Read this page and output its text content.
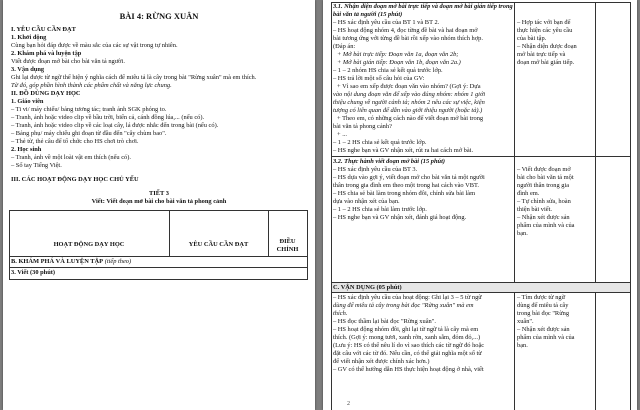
BÀI 4: RỪNG XUÂN
I. YÊU CẦU CẦN ĐẠT
1. Khởi động
Cùng bạn hỏi đáp được về màu sắc của các sự vật trong tự nhiên.
2. Khám phá và luyện tập
Viết được đoạn mở bài cho bài văn tả người.
3. Vận dụng
Ghi lại được từ ngữ thể hiện ý nghĩa cách để miêu tả là cây trong bài "Rừng xuân" mà em thích.
Từ đó, góp phần hình thành các phẩm chất và năng lực chung.
II. ĐỒ DÙNG DẠY HỌC
1. Giáo viên
– Ti vi/ máy chiếu/ bảng tương tác; tranh ảnh SGK phóng to.
– Tranh, ảnh hoặc video clip về bầu trời, biển cả, cánh đồng lúa,... (nếu có).
– Tranh, ảnh hoặc video clip về các loại cây, lá được nhắc đến trong bài (nếu có).
– Bảng phụ/ máy chiếu ghi đoạn từ đầu đến "cây chùm bao".
– Thẻ từ, thẻ câu để tổ chức cho HS chơi trò chơi.
2. Học sinh
– Tranh, ảnh về một loài vật em thích (nếu có).
– Sổ tay Tiếng Việt.
III. CÁC HOẠT ĐỘNG DẠY HỌC CHỦ YẾU
TIẾT 3
Viết: Viết đoạn mở bài cho bài văn tả phong cảnh
HOẠT ĐỘNG DẠY HỌC	YÊU CẦU CẦN ĐẠT	ĐIỀU CHỈNH
B. KHÁM PHÁ VÀ LUYỆN TẬP (tiếp theo)
3. Viết (30 phút)
3.1. Nhận diện đoạn mở bài trực tiếp và đoạn mở bài gián tiếp trong bài văn tả người (15 phút)
– HS xác định yêu cầu của BT 1 và BT 2.
– HS hoạt động nhóm 4, đọc từng đề bài và hai đoạn mở
bài tương ứng với từng đề bài rồi xếp vào nhóm thích hợp.
(Đáp án:
+ Mở bài trực tiếp: Đoạn văn 1a, đoạn văn 2b;
+ Mở bài gián tiếp: Đoạn văn 1b, đoạn văn 2a.)
– 1 – 2 nhóm HS chia sẻ kết quả trước lớp.
– HS trả lời một số câu hỏi của GV:
+ Vì sao em xếp được đoạn văn vào nhóm? (Gợi ý: Dựa
vào nội dung đoạn văn để xếp vào đúng nhóm: nhóm 1 giới
thiệu chung về người cảnh tả; nhóm 2 nêu các sự việc, kiện
tượng có liên quan để dẫn vào giới thiệu người (hoặc tả).)
+ Theo em, có những cách nào để viết đoạn mở bài trong
bài văn tả phong cảnh?
+ ...
– 1 – 2 HS chia sẻ kết quả trước lớp.
– HS nghe bạn và GV nhận xét, rút ra hai cách mở bài.
– Hợp tác với bạn để
thực hiện các yêu cầu
của bài tập.
– Nhận diện được đoạn
mở bài trực tiếp và
đoạn mở bài gián tiếp.
3.2. Thực hành viết đoạn mở bài (15 phút)
– HS xác định yêu cầu của BT 3.
– HS dựa vào gợi ý, viết đoạn mở cho bài văn tả một người
thân trong gia đình em theo một trong hai cách vào VBT.
– HS chia sẻ bài làm trong nhóm đôi, chỉnh sửa bài làm
dựa vào nhận xét của bạn.
– 1 – 2 HS chia sẻ bài làm trước lớp.
– HS nghe bạn và GV nhận xét, đánh giá hoạt động.
– Viết được đoạn mở
bài cho bài văn tả một
người thân trong gia
đình em.
– Tự chỉnh sửa, hoàn
thiện bài viết.
– Nhận xét được sản
phẩm của mình và của
bạn.
C. VẬN DỤNG (05 phút)
– HS xác định yêu cầu của hoạt động: Ghi lại 3 – 5 từ ngữ
dùng để miêu tả cây trong bài đọc "Rừng xuân" mà em
thích.
– HS đọc thầm lại bài đọc "Rừng xuân".
– HS hoạt động nhóm đôi, ghi lại từ ngữ tả là cây mà em
thích. (Gợi ý: mong tươi, xanh rờn, xanh sẫm, đỏm đỏ,...)
(Lưu ý: HS có thể nêu lí do vì sao thích các từ ngữ đó hoặc
đặt câu với các từ đó. Nếu cần, có thể giải nghĩa một số từ
để viết nhận xét được chính xác hơn.)
– GV có thể hướng dẫn HS thực hiện hoạt động ở nhà, viết
– Tìm được từ ngữ
dùng để miêu tả cây
trong bài đọc "Rừng
xuân".
– Nhận xét được sản
phẩm của mình và của
bạn.
2
